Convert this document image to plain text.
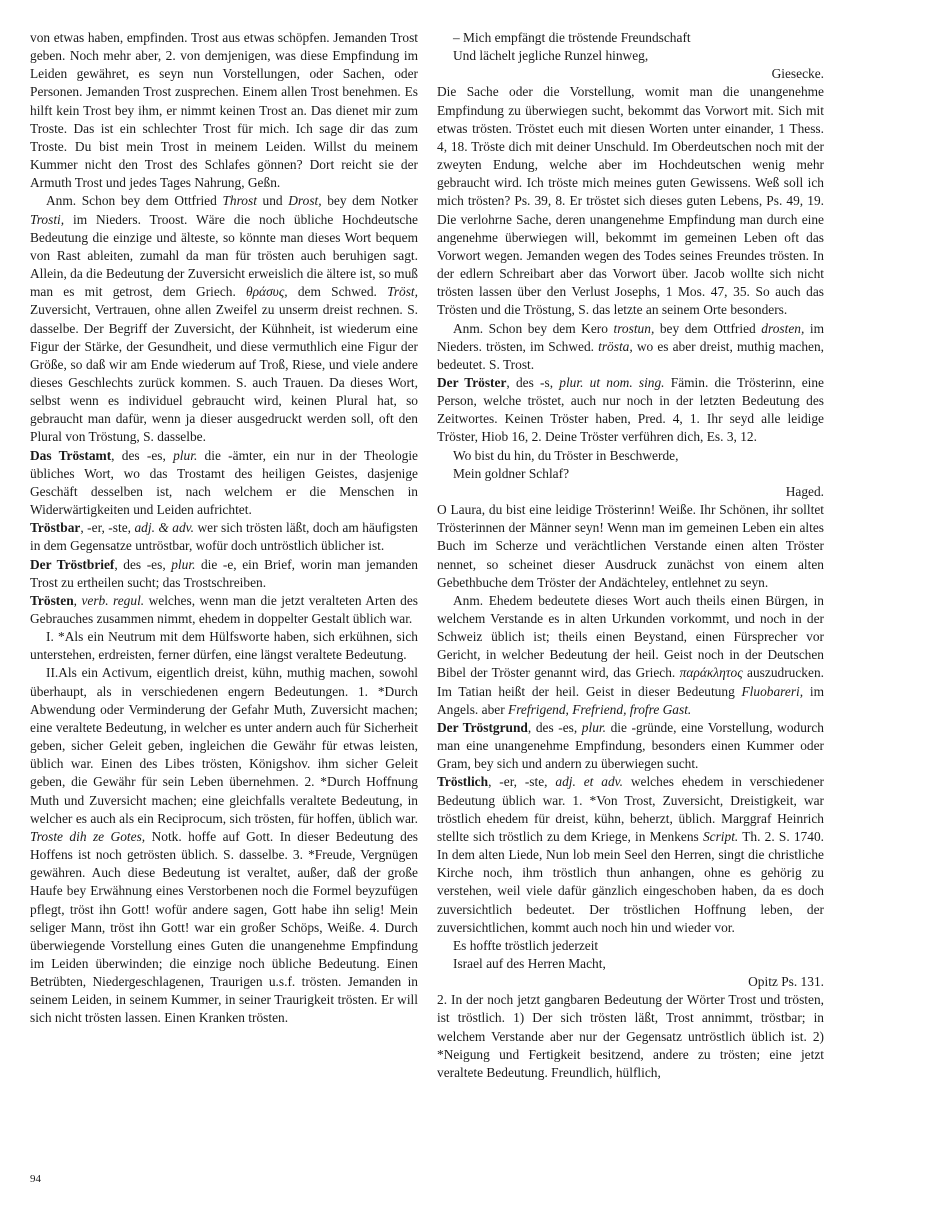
von etwas haben, empfinden. Trost aus etwas schöpfen. Jemanden Trost geben. Noch mehr aber, 2. von demjenigen, was diese Empfindung im Leiden gewähret, es seyn nun Vorstellungen, oder Sachen, oder Personen. Jemanden Trost zusprechen. Einem allen Trost benehmen. Es hilft kein Trost bey ihm, er nimmt keinen Trost an. Das dienet mir zum Troste. Das ist ein schlechter Trost für mich. Ich sage dir das zum Troste. Du bist mein Trost in meinem Leiden. Willst du meinem Kummer nicht den Trost des Schlafes gönnen? Dort reicht sie der Armuth Trost und jedes Tages Nahrung, Geßn.

Anm. Schon bey dem Ottfried Throst und Drost, bey dem Notker Trosti, im Nieders. Troost. Wäre die noch übliche Hochdeutsche Bedeutung die einzige und älteste, so könnte man dieses Wort bequem von Rast ableiten, zumahl da man für trösten auch beruhigen sagt. Allein, da die Bedeutung der Zuversicht erweislich die ältere ist, so muß man es mit getrost, dem Griech. θράσυς, dem Schwed. Tröst, Zuversicht, Vertrauen, ohne allen Zweifel zu unserm dreist rechnen. S. dasselbe. Der Begriff der Zuversicht, der Kühnheit, ist wiederum eine Figur der Stärke, der Gesundheit, und diese vermuthlich eine Figur der Größe, so daß wir am Ende wiederum auf Troß, Riese, und viele andere dieses Geschlechts zurück kommen. S. auch Trauen. Da dieses Wort, selbst wenn es individuel gebraucht wird, keinen Plural hat, so gebraucht man dafür, wenn ja dieser ausgedruckt werden soll, oft den Plural von Tröstung, S. dasselbe.

Das Tröstamt, des -es, plur. die -ämter, ein nur in der Theologie übliches Wort, wo das Trostamt des heiligen Geistes, dasjenige Geschäft desselben ist, nach welchem er die Menschen in Widerwärtigkeiten und Leiden aufrichtet.

Tröstbar, -er, -ste, adj. & adv. wer sich trösten läßt, doch am häufigsten in dem Gegensatze untröstbar, wofür doch untröstlich üblicher ist.

Der Tröstbrief, des -es, plur. die -e, ein Brief, worin man jemanden Trost zu ertheilen sucht; das Trostschreiben.

Trösten, verb. regul. welches, wenn man die jetzt veralteten Arten des Gebrauches zusammen nimmt, ehedem in doppelter Gestalt üblich war.

I. *Als ein Neutrum mit dem Hülfsworte haben, sich erkühnen, sich unterstehen, erdreisten, ferner dürfen, eine längst veraltete Bedeutung.

II.Als ein Activum, eigentlich dreist, kühn, muthig machen, sowohl überhaupt, als in verschiedenen engern Bedeutungen. 1. *Durch Abwendung oder Verminderung der Gefahr Muth, Zuversicht machen; eine veraltete Bedeutung, in welcher es unter andern auch für Sicherheit geben, sicher Geleit geben, ingleichen die Gewähr für etwas leisten, üblich war. Einen des Libes trösten, Königshov. ihm sicher Geleit geben, die Gewähr für sein Leben übernehmen. 2. *Durch Hoffnung Muth und Zuversicht machen; eine gleichfalls veraltete Bedeutung, in welcher es auch als ein Reciprocum, sich trösten, für hoffen, üblich war. Troste dih ze Gotes, Notk. hoffe auf Gott. In dieser Bedeutung des Hoffens ist noch getrösten üblich. S. dasselbe. 3. *Freude, Vergnügen gewähren. Auch diese Bedeutung ist veraltet, außer, daß der große Haufe bey Erwähnung eines Verstorbenen noch die Formel beyzufügen pflegt, tröst ihn Gott! wofür andere sagen, Gott habe ihn selig! Mein seliger Mann, tröst ihn Gott! war ein großer Schöps, Weiße. 4. Durch überwiegende Vorstellung eines Guten die unangenehme Empfindung im Leiden überwinden; die einzige noch übliche Bedeutung. Einen Betrübten, Niedergeschlagenen, Traurigen u.s.f. trösten. Jemanden in seinem Leiden, in seinem Kummer, in seiner Traurigkeit trösten. Er will sich nicht trösten lassen. Einen Kranken trösten.

– Mich empfängt die tröstende Freundschaft

Und lächelt jegliche Runzel hinweg,

Giesecke.

Die Sache oder die Vorstellung, womit man die unangenehme Empfindung zu überwiegen sucht, bekommt das Vorwort mit. Sich mit etwas trösten. Tröstet euch mit diesen Worten unter einander, 1 Thess. 4, 18. Tröste dich mit deiner Unschuld. Im Oberdeutschen noch mit der zweyten Endung, welche aber im Hochdeutschen wenig mehr gebraucht wird. Ich tröste mich meines guten Gewissens. Weß soll ich mich trösten? Ps. 39, 8. Er tröstet sich dieses guten Lebens, Ps. 49, 19. Die verlohrne Sache, deren unangenehme Empfindung man durch eine angenehme überwiegen will, bekommt im gemeinen Leben oft das Vorwort wegen. Jemanden wegen des Todes seines Freundes trösten. In der edlern Schreibart aber das Vorwort über. Jacob wollte sich nicht trösten lassen über den Verlust Josephs, 1 Mos. 47, 35. So auch das Trösten und die Tröstung, S. das letzte an seinem Orte besonders.

Anm. Schon bey dem Kero trostun, bey dem Ottfried drosten, im Nieders. trösten, im Schwed. trösta, wo es aber dreist, muthig machen, bedeutet. S. Trost.

Der Tröster, des -s, plur. ut nom. sing. Fämin. die Trösterinn, eine Person, welche tröstet, auch nur noch in der letzten Bedeutung des Zeitwortes. Keinen Tröster haben, Pred. 4, 1. Ihr seyd alle leidige Tröster, Hiob 16, 2. Deine Tröster verführen dich, Es. 3, 12.

Wo bist du hin, du Tröster in Beschwerde,

Mein goldner Schlaf?

Haged.

O Laura, du bist eine leidige Trösterinn! Weiße. Ihr Schönen, ihr solltet Trösterinnen der Männer seyn! Wenn man im gemeinen Leben ein altes Buch im Scherze und verächtlichen Verstande einen alten Tröster nennet, so scheinet dieser Ausdruck zunächst von einem alten Gebethbuche dem Tröster der Andächteley, entlehnet zu seyn.

Anm. Ehedem bedeutete dieses Wort auch theils einen Bürgen, in welchem Verstande es in alten Urkunden vorkommt, und noch in der Schweiz üblich ist; theils einen Beystand, einen Fürsprecher vor Gericht, in welcher Bedeutung der heil. Geist noch in der Deutschen Bibel der Tröster genannt wird, das Griech. παράκλητος auszudrucken. Im Tatian heißt der heil. Geist in dieser Bedeutung Fluobareri, im Angels. aber Frefrigend, Frefriend, frofre Gast.

Der Tröstgrund, des -es, plur. die -gründe, eine Vorstellung, wodurch man eine unangenehme Empfindung, besonders einen Kummer oder Gram, bey sich und andern zu überwiegen sucht.

Tröstlich, -er, -ste, adj. et adv. welches ehedem in verschiedener Bedeutung üblich war. 1. *Von Trost, Zuversicht, Dreistigkeit, war tröstlich ehedem für dreist, kühn, beherzt, üblich. Marggraf Heinrich stellte sich tröstlich zu dem Kriege, in Menkens Script. Th. 2. S. 1740. In dem alten Liede, Nun lob mein Seel den Herren, singt die christliche Kirche noch, ihm tröstlich thun anhangen, ohne es gehörig zu verstehen, weil viele dafür gänzlich eingeschoben haben, da es doch zuversichtlich bedeutet. Der tröstlichen Hoffnung leben, der zuversichtlichen, kommt auch noch hin und wieder vor.

Es hoffte tröstlich jederzeit

Israel auf des Herren Macht,

Opitz Ps. 131.

2. In der noch jetzt gangbaren Bedeutung der Wörter Trost und trösten, ist tröstlich. 1) Der sich trösten läßt, Trost annimmt, tröstbar; in welchem Verstande aber nur der Gegensatz untröstlich üblich ist. 2) *Neigung und Fertigkeit besitzend, andere zu trösten; eine jetzt veraltete Bedeutung. Freundlich, hülflich,

94
